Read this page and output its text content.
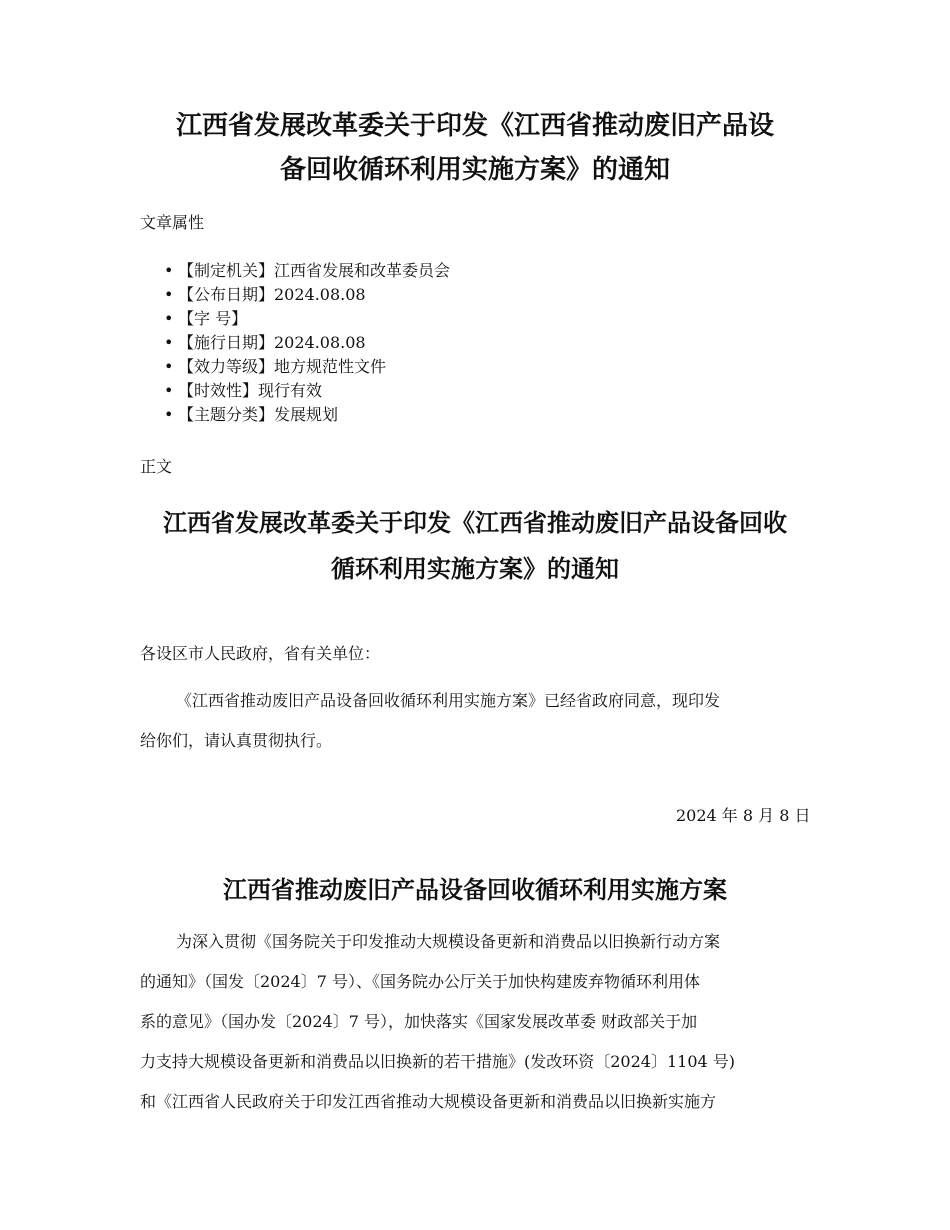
江西省发展改革委关于印发《江西省推动废旧产品设
备回收循环利用实施方案》的通知

文章属性

• 【制定机关】江西省发展和改革委员会
• 【公布日期】2024.08.08
• 【字 号】
• 【施行日期】2024.08.08
• 【效力等级】地方规范性文件
• 【时效性】现行有效
• 【主题分类】发展规划

正文

江西省发展改革委关于印发《江西省推动废旧产品设备回收
循环利用实施方案》的通知

各设区市人民政府，省有关单位：

《江西省推动废旧产品设备回收循环利用实施方案》已经省政府同意，现印发
给你们，请认真贯彻执行。

2024 年 8 月 8 日

江西省推动废旧产品设备回收循环利用实施方案
为深入贯彻《国务院关于印发推动大规模设备更新和消费品以旧换新行动方案
的通知》（国发〔2024〕7 号）、《国务院办公厅关于加快构建废弃物循环利用体
系的意见》（国办发〔2024〕7 号），加快落实《国家发展改革委 财政部关于加
力支持大规模设备更新和消费品以旧换新的若干措施》(发改环资〔2024〕1104 号)
和《江西省人民政府关于印发江西省推动大规模设备更新和消费品以旧换新实施方
